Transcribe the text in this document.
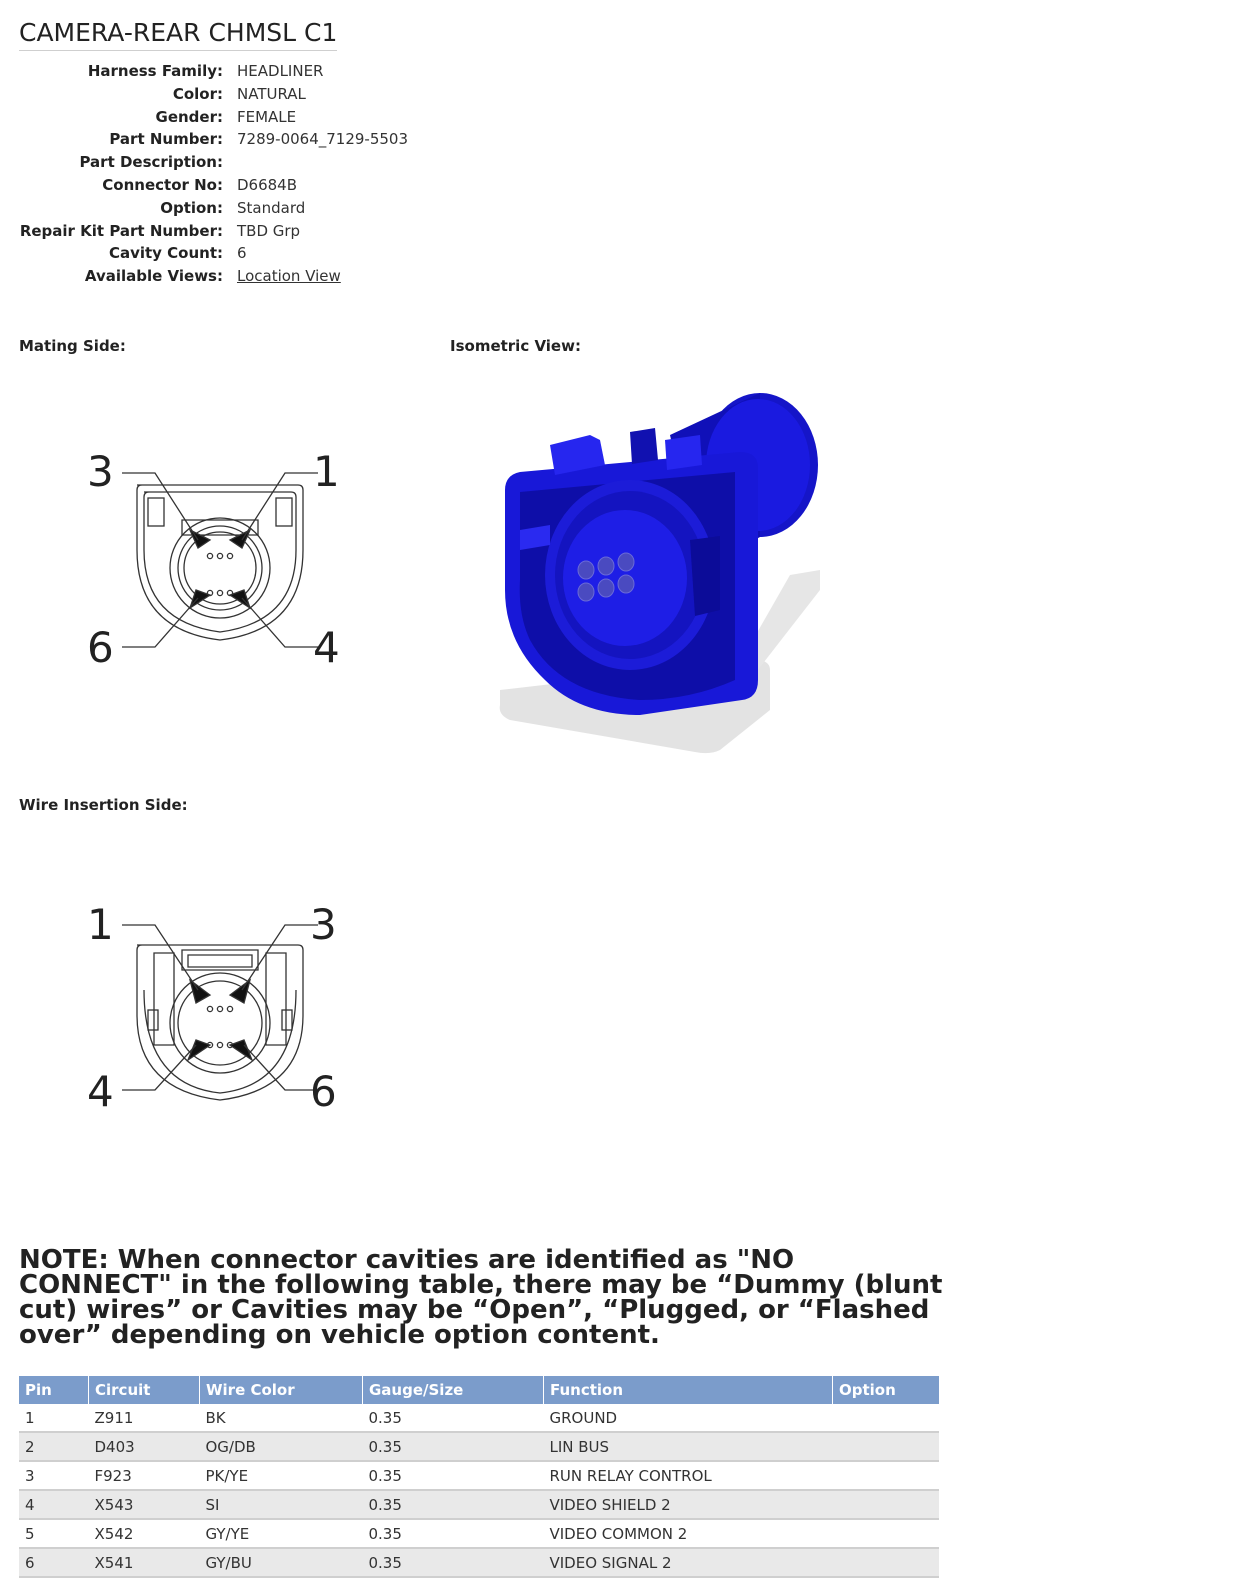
CAMERA-REAR CHMSL C1
Harness Family:	HEADLINER
Color:	NATURAL
Gender:	FEMALE
Part Number:	7289-0064_7129-5503
Part Description:	
Connector No:	D6684B
Option:	Standard
Repair Kit Part Number:	TBD Grp
Cavity Count:	6
Available Views:	Location View
Mating Side:	Isometric View:
Wire Insertion Side:
3	1
6	4
1	3
4	6

NOTE: When connector cavities are identified as "NO CONNECT" in the following table, there may be “Dummy (blunt cut) wires” or Cavities may be “Open”, “Plugged, or “Flashed over” depending on vehicle option content.

Pin	Circuit	Wire Color	Gauge/Size	Function	Option
1	Z911	BK	0.35	GROUND	
2	D403	OG/DB	0.35	LIN BUS	
3	F923	PK/YE	0.35	RUN RELAY CONTROL	
4	X543	SI	0.35	VIDEO SHIELD 2	
5	X542	GY/YE	0.35	VIDEO COMMON 2	
6	X541	GY/BU	0.35	VIDEO SIGNAL 2	
